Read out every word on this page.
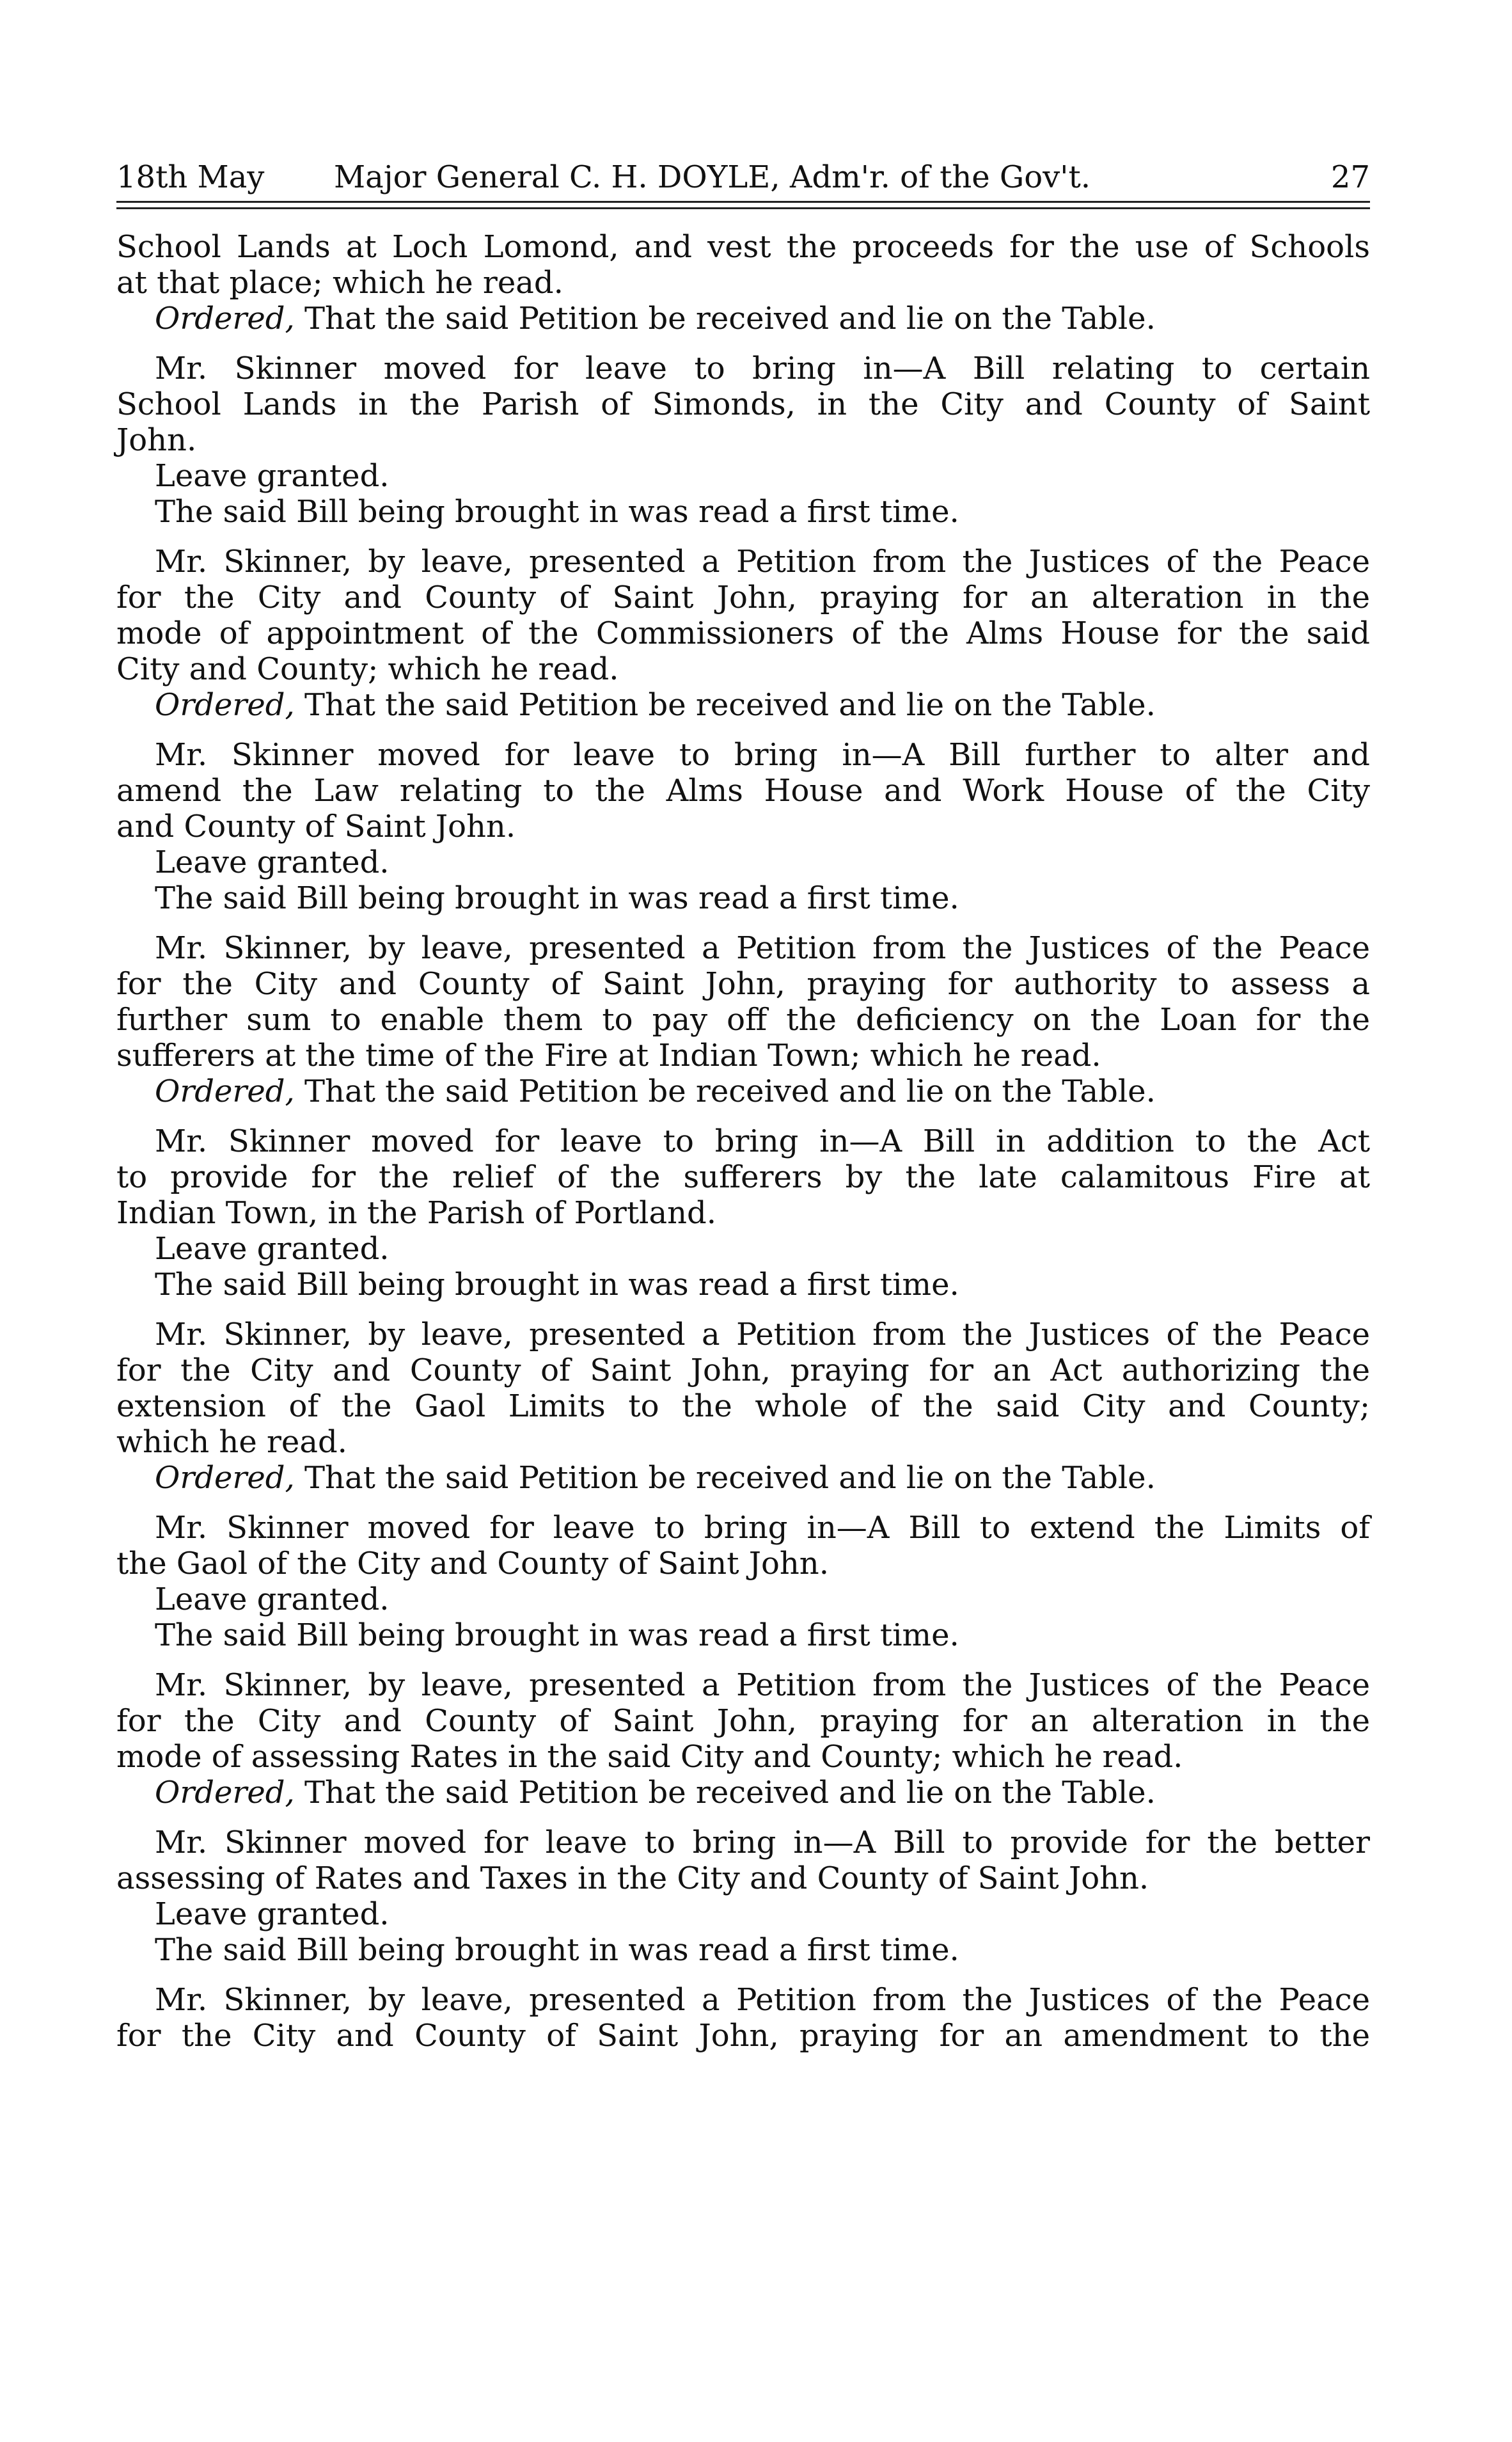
18th May	Major General C. H. DOYLE, Adm'r. of the Gov't.	27
School Lands at Loch Lomond, and vest the proceeds for the use of Schools
at that place; which he read.
Ordered, That the said Petition be received and lie on the Table.
Mr. Skinner moved for leave to bring in—A Bill relating to certain
School Lands in the Parish of Simonds, in the City and County of Saint
John.
Leave granted.
The said Bill being brought in was read a first time.
Mr. Skinner, by leave, presented a Petition from the Justices of the Peace
for the City and County of Saint John, praying for an alteration in the
mode of appointment of the Commissioners of the Alms House for the said
City and County; which he read.
Ordered, That the said Petition be received and lie on the Table.
Mr. Skinner moved for leave to bring in—A Bill further to alter and
amend the Law relating to the Alms House and Work House of the City
and County of Saint John.
Leave granted.
The said Bill being brought in was read a first time.
Mr. Skinner, by leave, presented a Petition from the Justices of the Peace
for the City and County of Saint John, praying for authority to assess a
further sum to enable them to pay off the deficiency on the Loan for the
sufferers at the time of the Fire at Indian Town; which he read.
Ordered, That the said Petition be received and lie on the Table.
Mr. Skinner moved for leave to bring in—A Bill in addition to the Act
to provide for the relief of the sufferers by the late calamitous Fire at
Indian Town, in the Parish of Portland.
Leave granted.
The said Bill being brought in was read a first time.
Mr. Skinner, by leave, presented a Petition from the Justices of the Peace
for the City and County of Saint John, praying for an Act authorizing the
extension of the Gaol Limits to the whole of the said City and County;
which he read.
Ordered, That the said Petition be received and lie on the Table.
Mr. Skinner moved for leave to bring in—A Bill to extend the Limits of
the Gaol of the City and County of Saint John.
Leave granted.
The said Bill being brought in was read a first time.
Mr. Skinner, by leave, presented a Petition from the Justices of the Peace
for the City and County of Saint John, praying for an alteration in the
mode of assessing Rates in the said City and County; which he read.
Ordered, That the said Petition be received and lie on the Table.
Mr. Skinner moved for leave to bring in—A Bill to provide for the better
assessing of Rates and Taxes in the City and County of Saint John.
Leave granted.
The said Bill being brought in was read a first time.
Mr. Skinner, by leave, presented a Petition from the Justices of the Peace
for the City and County of Saint John, praying for an amendment to the
